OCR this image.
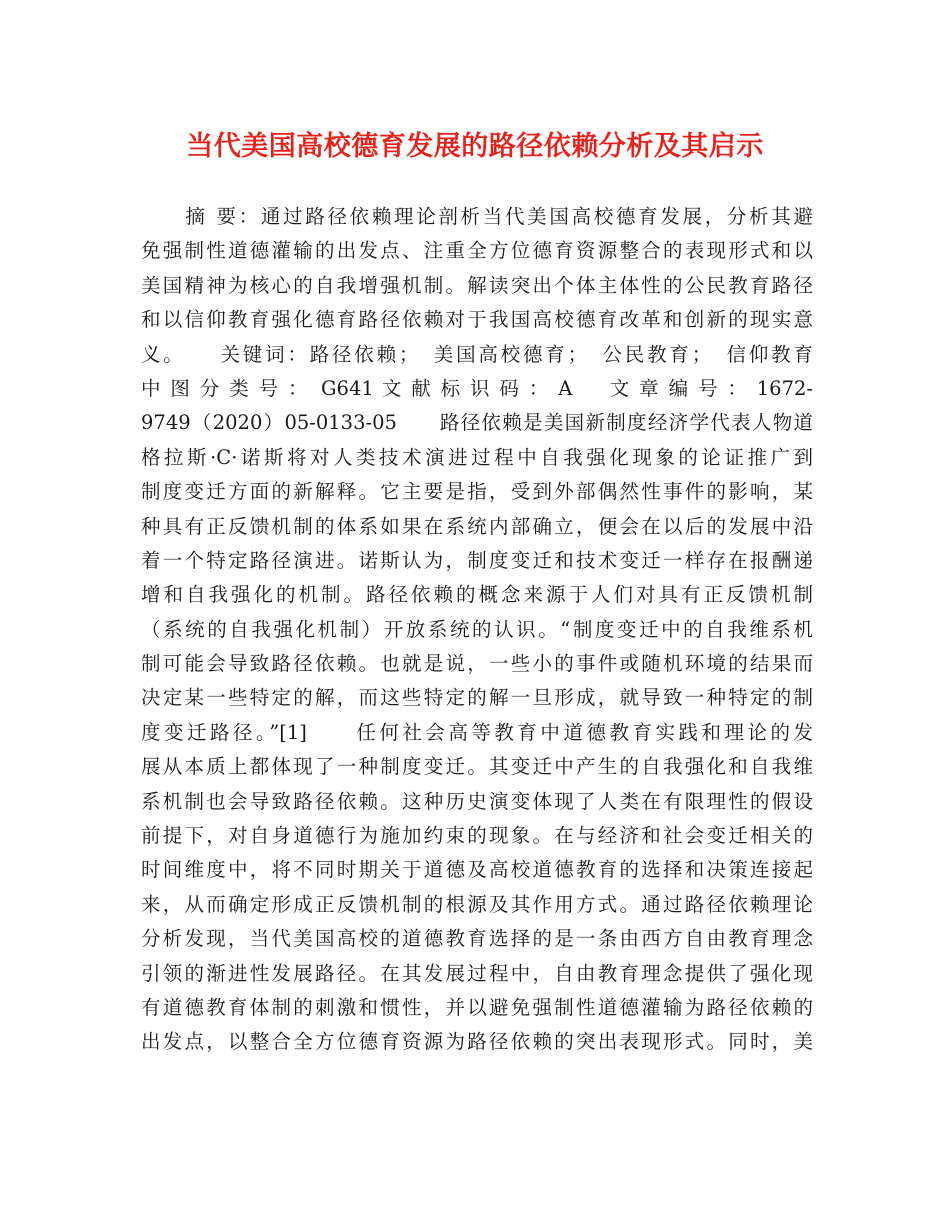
当代美国高校德育发展的路径依赖分析及其启示
　　摘 要：通过路径依赖理论剖析当代美国高校德育发展，分析其避
免强制性道德灌输的出发点、注重全方位德育资源整合的表现形式和以
美国精神为核心的自我增强机制。解读突出个体主体性的公民教育路径
和以信仰教育强化德育路径依赖对于我国高校德育改革和创新的现实意
义。　　关键词：路径依赖；　美国高校德育；　公民教育；　信仰教育
中 图 分 类 号 ：　G641 文 献 标 识 码 ： A 　 文 章 编 号 ： 1672-
9749（2020）05-0133-05　　路径依赖是美国新制度经济学代表人物道
格拉斯·C·诺斯将对人类技术演进过程中自我强化现象的论证推广到
制度变迁方面的新解释。它主要是指，受到外部偶然性事件的影响，某
种具有正反馈机制的体系如果在系统内部确立，便会在以后的发展中沿
着一个特定路径演进。诺斯认为，制度变迁和技术变迁一样存在报酬递
增和自我强化的机制。路径依赖的概念来源于人们对具有正反馈机制
（系统的自我强化机制）开放系统的认识。“制度变迁中的自我维系机
制可能会导致路径依赖。也就是说，一些小的事件或随机环境的结果而
决定某一些特定的解，而这些特定的解一旦形成，就导致一种特定的制
度变迁路径。”[1]　　任何社会高等教育中道德教育实践和理论的发
展从本质上都体现了一种制度变迁。其变迁中产生的自我强化和自我维
系机制也会导致路径依赖。这种历史演变体现了人类在有限理性的假设
前提下，对自身道德行为施加约束的现象。在与经济和社会变迁相关的
时间维度中，将不同时期关于道德及高校道德教育的选择和决策连接起
来，从而确定形成正反馈机制的根源及其作用方式。通过路径依赖理论
分析发现，当代美国高校的道德教育选择的是一条由西方自由教育理念
引领的渐进性发展路径。在其发展过程中，自由教育理念提供了强化现
有道德教育体制的刺激和惯性，并以避免强制性道德灌输为路径依赖的
出发点，以整合全方位德育资源为路径依赖的突出表现形式。同时，美
